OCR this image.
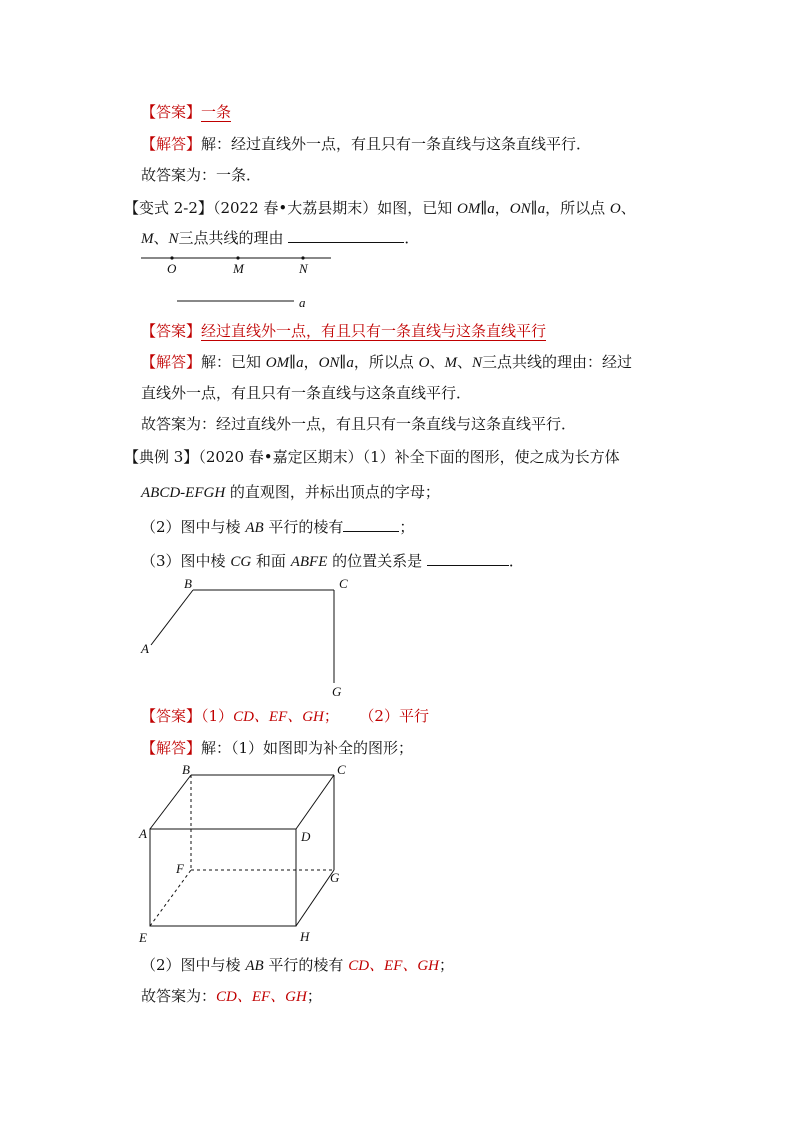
【答案】一条
【解答】解：经过直线外一点，有且只有一条直线与这条直线平行．
故答案为：一条．
【变式 2-2】（2022 春•大荔县期末）如图，已知 OM∥a，ON∥a，所以点 O、
M、N三点共线的理由	．
O	M	N
a
【答案】经过直线外一点，有且只有一条直线与这条直线平行
【解答】解：已知 OM∥a，ON∥a，所以点 O、M、N三点共线的理由：经过
直线外一点，有且只有一条直线与这条直线平行．
故答案为：经过直线外一点，有且只有一条直线与这条直线平行．
【典例 3】（2020 春•嘉定区期末）（1）补全下面的图形，使之成为长方体
ABCD-EFGH 的直观图，并标出顶点的字母；
（2）图中与棱 AB 平行的棱有	；
（3）图中棱 CG 和面 ABFE 的位置关系是	．
B	C
A
G
【答案】（1）CD、EF、GH； （2）平行
【解答】解：（1）如图即为补全的图形；
B	C
A	D
F
G
E	H
（2）图中与棱 AB 平行的棱有 CD、EF、GH；
故答案为：CD、EF、GH；
